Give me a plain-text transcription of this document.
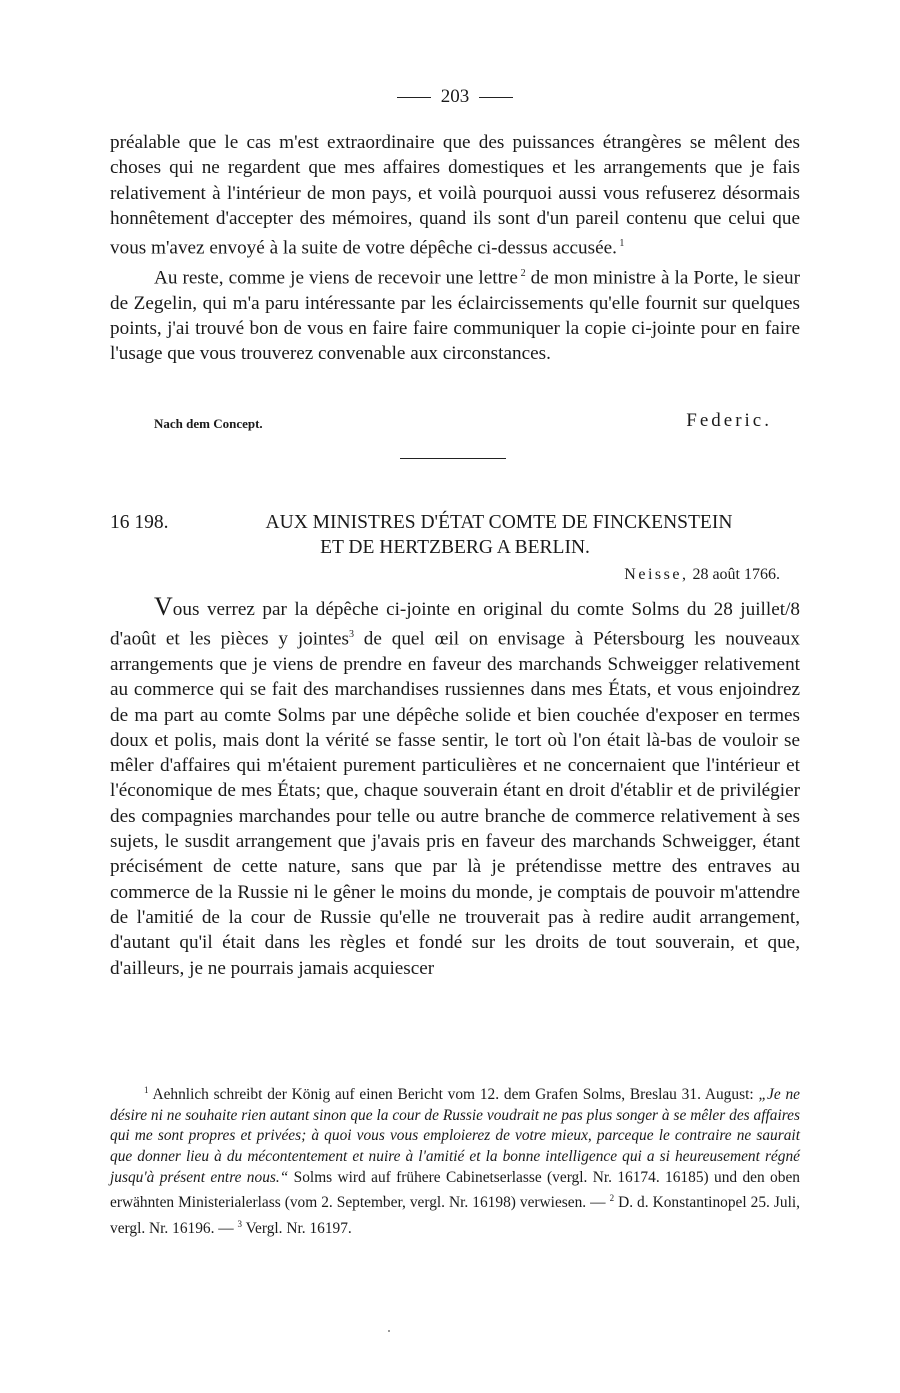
203

préalable que le cas m'est extraordinaire que des puissances étrangères se mêlent des choses qui ne regardent que mes affaires domestiques et les arrangements que je fais relativement à l'intérieur de mon pays, et voilà pourquoi aussi vous refuserez désormais honnêtement d'accepter des mémoires, quand ils sont d'un pareil contenu que celui que vous m'avez envoyé à la suite de votre dépêche ci-dessus accusée. $^1$

Au reste, comme je viens de recevoir une lettre $^2$ de mon ministre à la Porte, le sieur de Zegelin, qui m'a paru intéressante par les éclaircissements qu'elle fournit sur quelques points, j'ai trouvé bon de vous en faire faire communiquer la copie ci-jointe pour en faire l'usage que vous trouverez convenable aux circonstances.

Nach dem Concept.	Federic.
16 198.	AUX MINISTRES D'ÉTAT COMTE DE FINCKENSTEIN
ET DE HERTZBERG A BERLIN.
Neisse, 28 août 1766.

Vous verrez par la dépêche ci-jointe en original du comte Solms du 28 juillet/8 d'août et les pièces y jointes$^3$ de quel œil on envisage à Pétersbourg les nouveaux arrangements que je viens de prendre en faveur des marchands Schweigger relativement au commerce qui se fait des marchandises russiennes dans mes États, et vous enjoindrez de ma part au comte Solms par une dépêche solide et bien couchée d'exposer en termes doux et polis, mais dont la vérité se fasse sentir, le tort où l'on était là-bas de vouloir se mêler d'affaires qui m'étaient purement particulières et ne concernaient que l'intérieur et l'économique de mes États; que, chaque souverain étant en droit d'établir et de privilégier des compagnies marchandes pour telle ou autre branche de commerce relativement à ses sujets, le susdit arrangement que j'avais pris en faveur des marchands Schweigger, étant précisément de cette nature, sans que par là je prétendisse mettre des entraves au commerce de la Russie ni le gêner le moins du monde, je comptais de pouvoir m'attendre de l'amitié de la cour de Russie qu'elle ne trouverait pas à redire audit arrangement, d'autant qu'il était dans les règles et fondé sur les droits de tout souverain, et que, d'ailleurs, je ne pourrais jamais acquiescer

$^1$ Aehnlich schreibt der König auf einen Bericht vom 12. dem Grafen Solms, Breslau 31. August: „Je ne désire ni ne souhaite rien autant sinon que la cour de Russie voudrait ne pas plus songer à se mêler des affaires qui me sont propres et privées; à quoi vous vous emploierez de votre mieux, parceque le contraire ne saurait que donner lieu à du mécontentement et nuire à l'amitié et la bonne intelligence qui a si heureusement régné jusqu'à présent entre nous.“ Solms wird auf frühere Cabinetserlasse (vergl. Nr. 16174. 16185) und den oben erwähnten Ministerialerlass (vom 2. September, vergl. Nr. 16198) verwiesen. — $^2$ D. d. Konstantinopel 25. Juli, vergl. Nr. 16196. — $^3$ Vergl. Nr. 16197.
